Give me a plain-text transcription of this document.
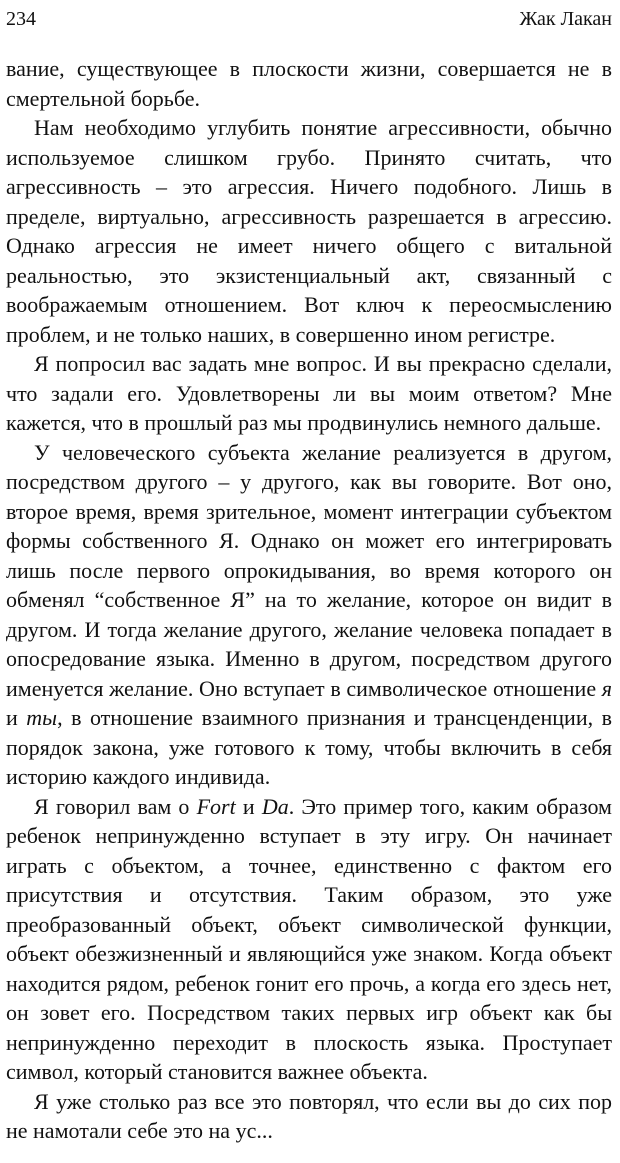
234	Жак Лакан

вание, существующее в плоскости жизни, совершается не в смертельной борьбе.

Нам необходимо углубить понятие агрессивности, обычно используемое слишком грубо. Принято считать, что агрессивность – это агрессия. Ничего подобного. Лишь в пределе, виртуально, агрессивность разрешается в агрессию. Однако агрессия не имеет ничего общего с витальной реальностью, это экзистенциальный акт, связанный с воображаемым отношением. Вот ключ к переосмыслению проблем, и не только наших, в совершенно ином регистре.

Я попросил вас задать мне вопрос. И вы прекрасно сделали, что задали его. Удовлетворены ли вы моим ответом? Мне кажется, что в прошлый раз мы продвинулись немного дальше.

У человеческого субъекта желание реализуется в другом, посредством другого – у другого, как вы говорите. Вот оно, второе время, время зрительное, момент интеграции субъектом формы собственного Я. Однако он может его интегрировать лишь после первого опрокидывания, во время которого он обменял “собственное Я” на то желание, которое он видит в другом. И тогда желание другого, желание человека попадает в опосредование языка. Именно в другом, посредством другого именуется желание. Оно вступает в символическое отношение я и ты, в отношение взаимного признания и трансценденции, в порядок закона, уже готового к тому, чтобы включить в себя историю каждого индивида.

Я говорил вам о Fort и Da. Это пример того, каким образом ребенок непринужденно вступает в эту игру. Он начинает играть с объектом, а точнее, единственно с фактом его присутствия и отсутствия. Таким образом, это уже преобразованный объект, объект символической функции, объект обезжизненный и являющийся уже знаком. Когда объект находится рядом, ребенок гонит его прочь, а когда его здесь нет, он зовет его. Посредством таких первых игр объект как бы непринужденно переходит в плоскость языка. Проступает символ, который становится важнее объекта.

Я уже столько раз все это повторял, что если вы до сих пор не намотали себе это на ус...
